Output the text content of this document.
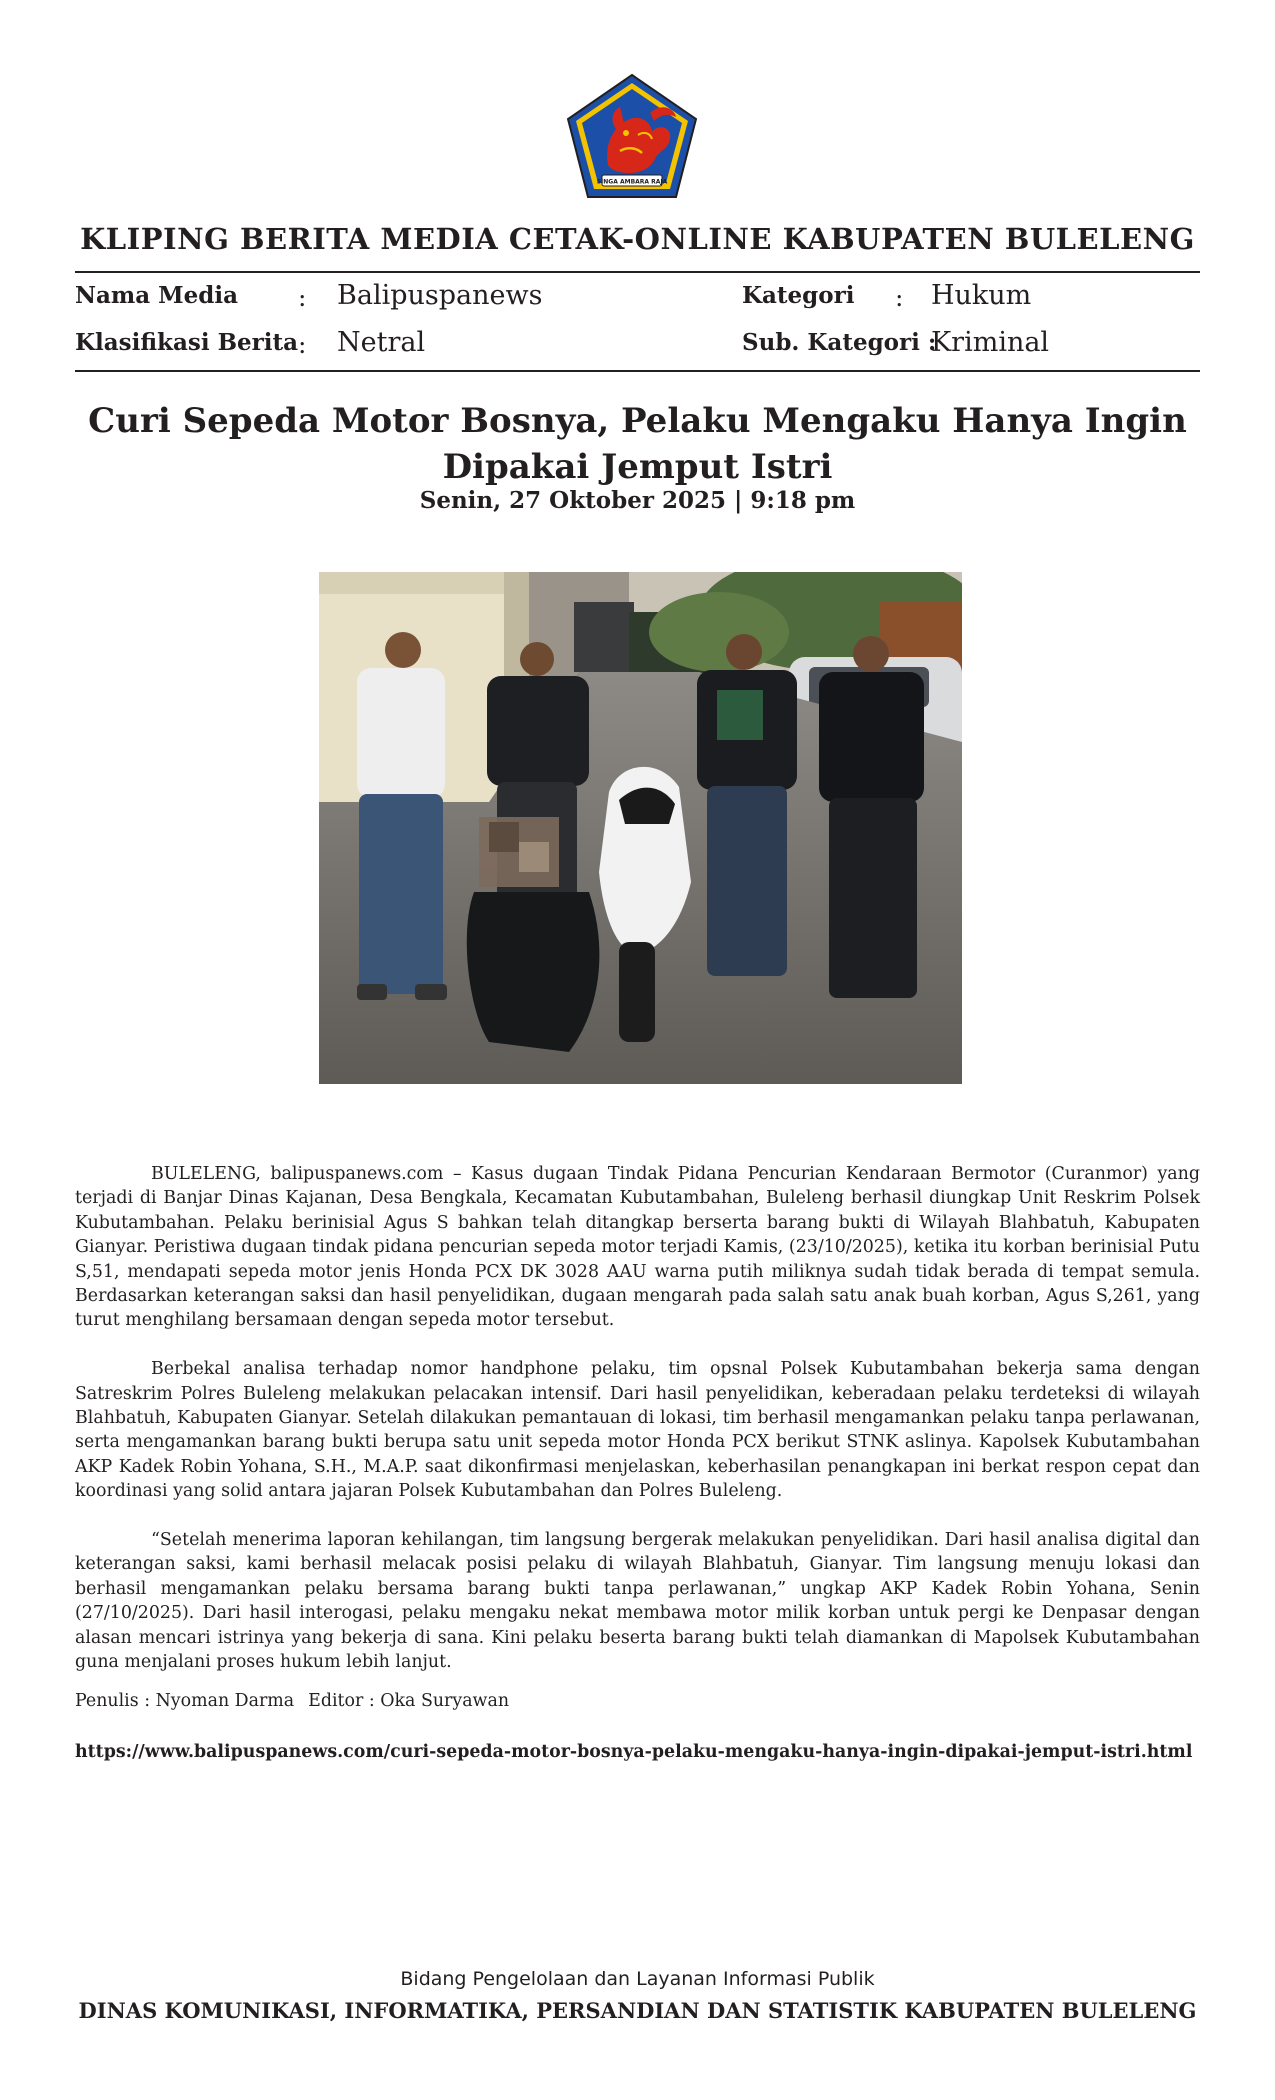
SINGA AMBARA RAJA
KLIPING BERITA MEDIA CETAK-ONLINE KABUPATEN BULELENG
Nama Media : Balipuspanews	Kategori : Hukum
Klasifikasi Berita : Netral	Sub. Kategori :
Kriminal
Curi Sepeda Motor Bosnya, Pelaku Mengaku Hanya Ingin
Dipakai Jemput Istri
Senin, 27 Oktober 2025 | 9:18 pm

BULELENG, balipuspanews.com – Kasus dugaan Tindak Pidana Pencurian Kendaraan Bermotor (Curanmor) yang terjadi di Banjar Dinas Kajanan, Desa Bengkala, Kecamatan Kubutambahan, Buleleng berhasil diungkap Unit Reskrim Polsek Kubutambahan. Pelaku berinisial Agus S bahkan telah ditangkap berserta barang bukti di Wilayah Blahbatuh, Kabupaten Gianyar. Peristiwa dugaan tindak pidana pencurian sepeda motor terjadi Kamis, (23/10/2025), ketika itu korban berinisial Putu S,51, mendapati sepeda motor jenis Honda PCX DK 3028 AAU warna putih miliknya sudah tidak berada di tempat semula. Berdasarkan keterangan saksi dan hasil penyelidikan, dugaan mengarah pada salah satu anak buah korban, Agus S,261, yang turut menghilang bersamaan dengan sepeda motor tersebut.

Berbekal analisa terhadap nomor handphone pelaku, tim opsnal Polsek Kubutambahan bekerja sama dengan Satreskrim Polres Buleleng melakukan pelacakan intensif. Dari hasil penyelidikan, keberadaan pelaku terdeteksi di wilayah Blahbatuh, Kabupaten Gianyar. Setelah dilakukan pemantauan di lokasi, tim berhasil mengamankan pelaku tanpa perlawanan, serta mengamankan barang bukti berupa satu unit sepeda motor Honda PCX berikut STNK aslinya. Kapolsek Kubutambahan AKP Kadek Robin Yohana, S.H., M.A.P. saat dikonfirmasi menjelaskan, keberhasilan penangkapan ini berkat respon cepat dan koordinasi yang solid antara jajaran Polsek Kubutambahan dan Polres Buleleng.

“Setelah menerima laporan kehilangan, tim langsung bergerak melakukan penyelidikan. Dari hasil analisa digital dan keterangan saksi, kami berhasil melacak posisi pelaku di wilayah Blahbatuh, Gianyar. Tim langsung menuju lokasi dan berhasil mengamankan pelaku bersama barang bukti tanpa perlawanan,” ungkap AKP Kadek Robin Yohana, Senin (27/10/2025). Dari hasil interogasi, pelaku mengaku nekat membawa motor milik korban untuk pergi ke Denpasar dengan alasan mencari istrinya yang bekerja di sana. Kini pelaku beserta barang bukti telah diamankan di Mapolsek Kubutambahan guna menjalani proses hukum lebih lanjut.

Penulis : Nyoman Darma Editor : Oka Suryawan
https://www.balipuspanews.com/curi-sepeda-motor-bosnya-pelaku-mengaku-hanya-ingin-dipakai-jemput-istri.html
Bidang Pengelolaan dan Layanan Informasi Publik
DINAS KOMUNIKASI, INFORMATIKA, PERSANDIAN DAN STATISTIK KABUPATEN BULELENG
